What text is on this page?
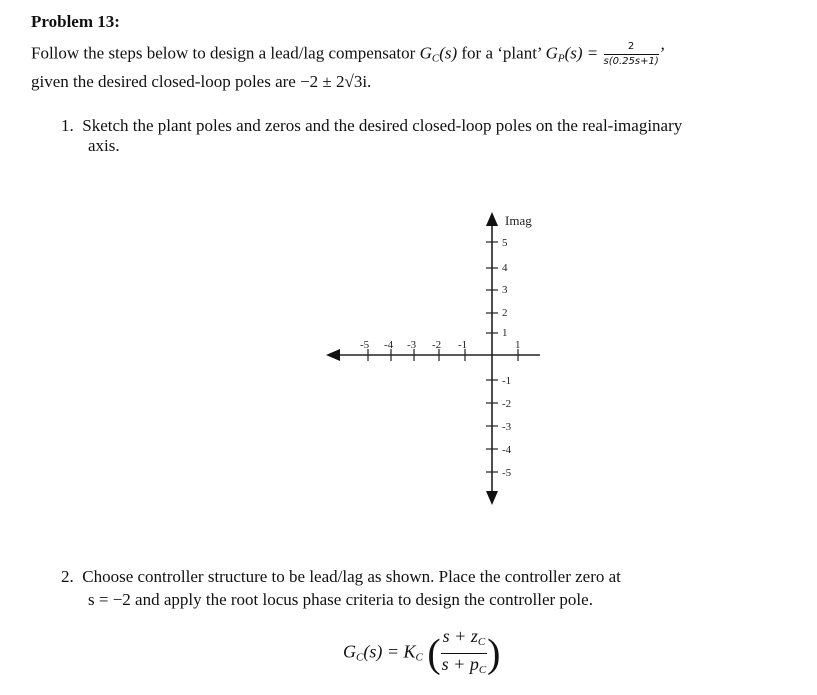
Problem 13:
Follow the steps below to design a lead/lag compensator $G_C(s)$ for a ‘plant’ $G_P(s) = \frac{2}{s(0.25s+1)}$ ’
given the desired closed-loop poles are −2 ± 2√3i.
1. Sketch the plant poles and zeros and the desired closed-loop poles on the real-imaginary
axis.
Imag
5
4
3
2
1
-1
-2
-3
-4
-5
-5 -4 -3 -2 -1	1
2. Choose controller structure to be lead/lag as shown. Place the controller zero at
s = −2 and apply the root locus phase criteria to design the controller pole.
$G_C(s) = K_C$ ( $\frac{s + z_C}{s + p_C}$ )
